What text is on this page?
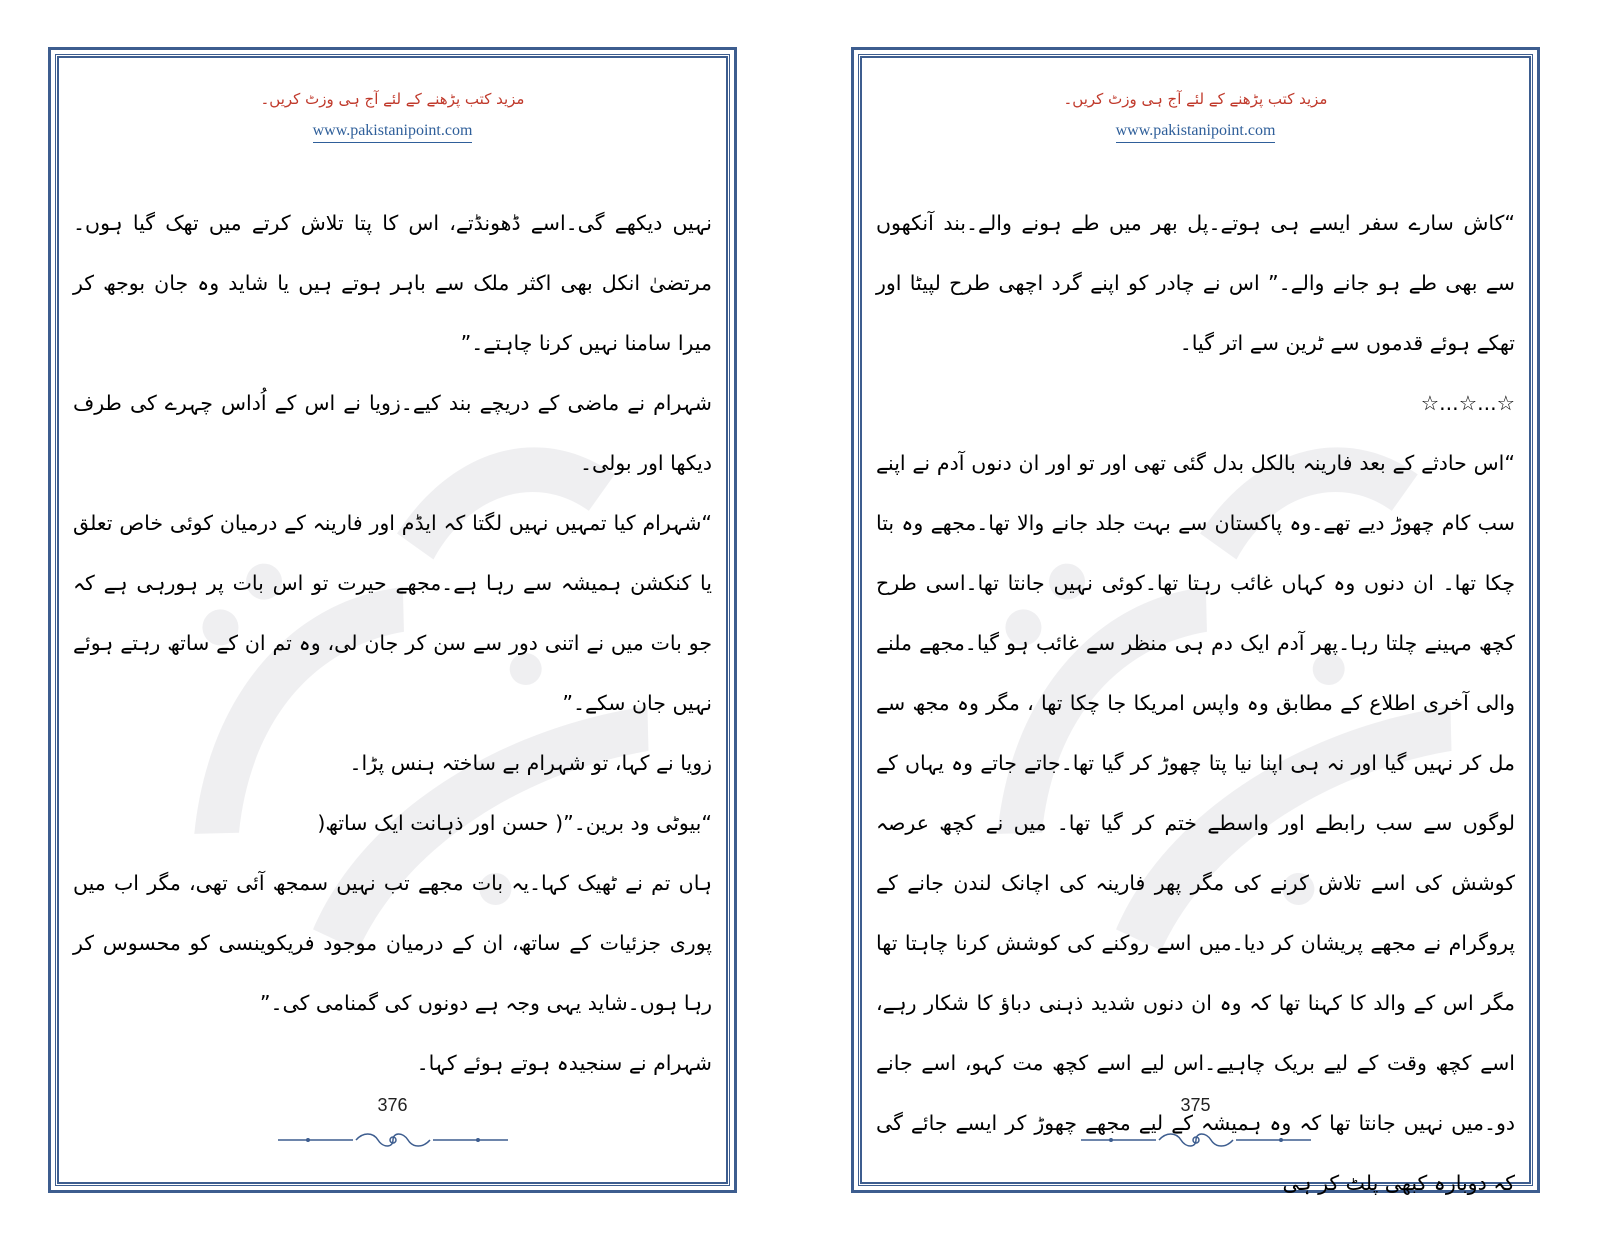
مزید کتب پڑھنے کے لئے آج ہی وزٹ کریں۔
www.pakistanipoint.com

نہیں دیکھے گی۔اسے ڈھونڈتے، اس کا پتا تلاش کرتے میں تھک گیا ہوں۔مرتضیٰ انکل بھی اکثر ملک سے باہر ہوتے ہیں یا شاید وہ جان بوجھ کر میرا سامنا نہیں کرنا چاہتے۔”

شہرام نے ماضی کے دریچے بند کیے۔زویا نے اس کے اُداس چہرے کی طرف دیکھا اور بولی۔

“شہرام کیا تمہیں نہیں لگتا کہ ایڈم اور فارینہ کے درمیان کوئی خاص تعلق یا کنکشن ہمیشہ سے رہا ہے۔مجھے حیرت تو اس بات پر ہورہی ہے کہ جو بات میں نے اتنی دور سے سن کر جان لی، وہ تم ان کے ساتھ رہتے ہوئے نہیں جان سکے۔”

زویا نے کہا، تو شہرام بے ساختہ ہنس پڑا۔

“بیوٹی ود برین۔”( حسن اور ذہانت ایک ساتھ(

ہاں تم نے ٹھیک کہا۔یہ بات مجھے تب نہیں سمجھ آئی تھی، مگر اب میں پوری جزئیات کے ساتھ، ان کے درمیان موجود فریکوینسی کو محسوس کر رہا ہوں۔شاید یہی وجہ ہے دونوں کی گمنامی کی۔”

شہرام نے سنجیدہ ہوتے ہوئے کہا۔

376
مزید کتب پڑھنے کے لئے آج ہی وزٹ کریں۔
www.pakistanipoint.com

“کاش سارے سفر ایسے ہی ہوتے۔پل بھر میں طے ہونے والے۔بند آنکھوں سے بھی طے ہو جانے والے۔” اس نے چادر کو اپنے گرد اچھی طرح لپیٹا اور تھکے ہوئے قدموں سے ٹرین سے اتر گیا۔

☆...☆...☆

“اس حادثے کے بعد فارینہ بالکل بدل گئی تھی اور تو اور ان دنوں آدم نے اپنے سب کام چھوڑ دیے تھے۔وہ پاکستان سے بہت جلد جانے والا تھا۔مجھے وہ بتا چکا تھا۔ ان دنوں وہ کہاں غائب رہتا تھا۔کوئی نہیں جانتا تھا۔اسی طرح کچھ مہینے چلتا رہا۔پھر آدم ایک دم ہی منظر سے غائب ہو گیا۔مجھے ملنے والی آخری اطلاع کے مطابق وہ واپس امریکا جا چکا تھا ، مگر وہ مجھ سے مل کر نہیں گیا اور نہ ہی اپنا نیا پتا چھوڑ کر گیا تھا۔جاتے جاتے وہ یہاں کے لوگوں سے سب رابطے اور واسطے ختم کر گیا تھا۔ میں نے کچھ عرصہ کوشش کی اسے تلاش کرنے کی مگر پھر فارینہ کی اچانک لندن جانے کے پروگرام نے مجھے پریشان کر دیا۔میں اسے روکنے کی کوشش کرنا چاہتا تھا مگر اس کے والد کا کہنا تھا کہ وہ ان دنوں شدید ذہنی دباؤ کا شکار رہے، اسے کچھ وقت کے لیے بریک چاہیے۔اس لیے اسے کچھ مت کہو، اسے جانے دو۔میں نہیں جانتا تھا کہ وہ ہمیشہ کے لیے مجھے چھوڑ کر ایسے جائے گی کہ دوبارہ کبھی پلٹ کر ہی

375
